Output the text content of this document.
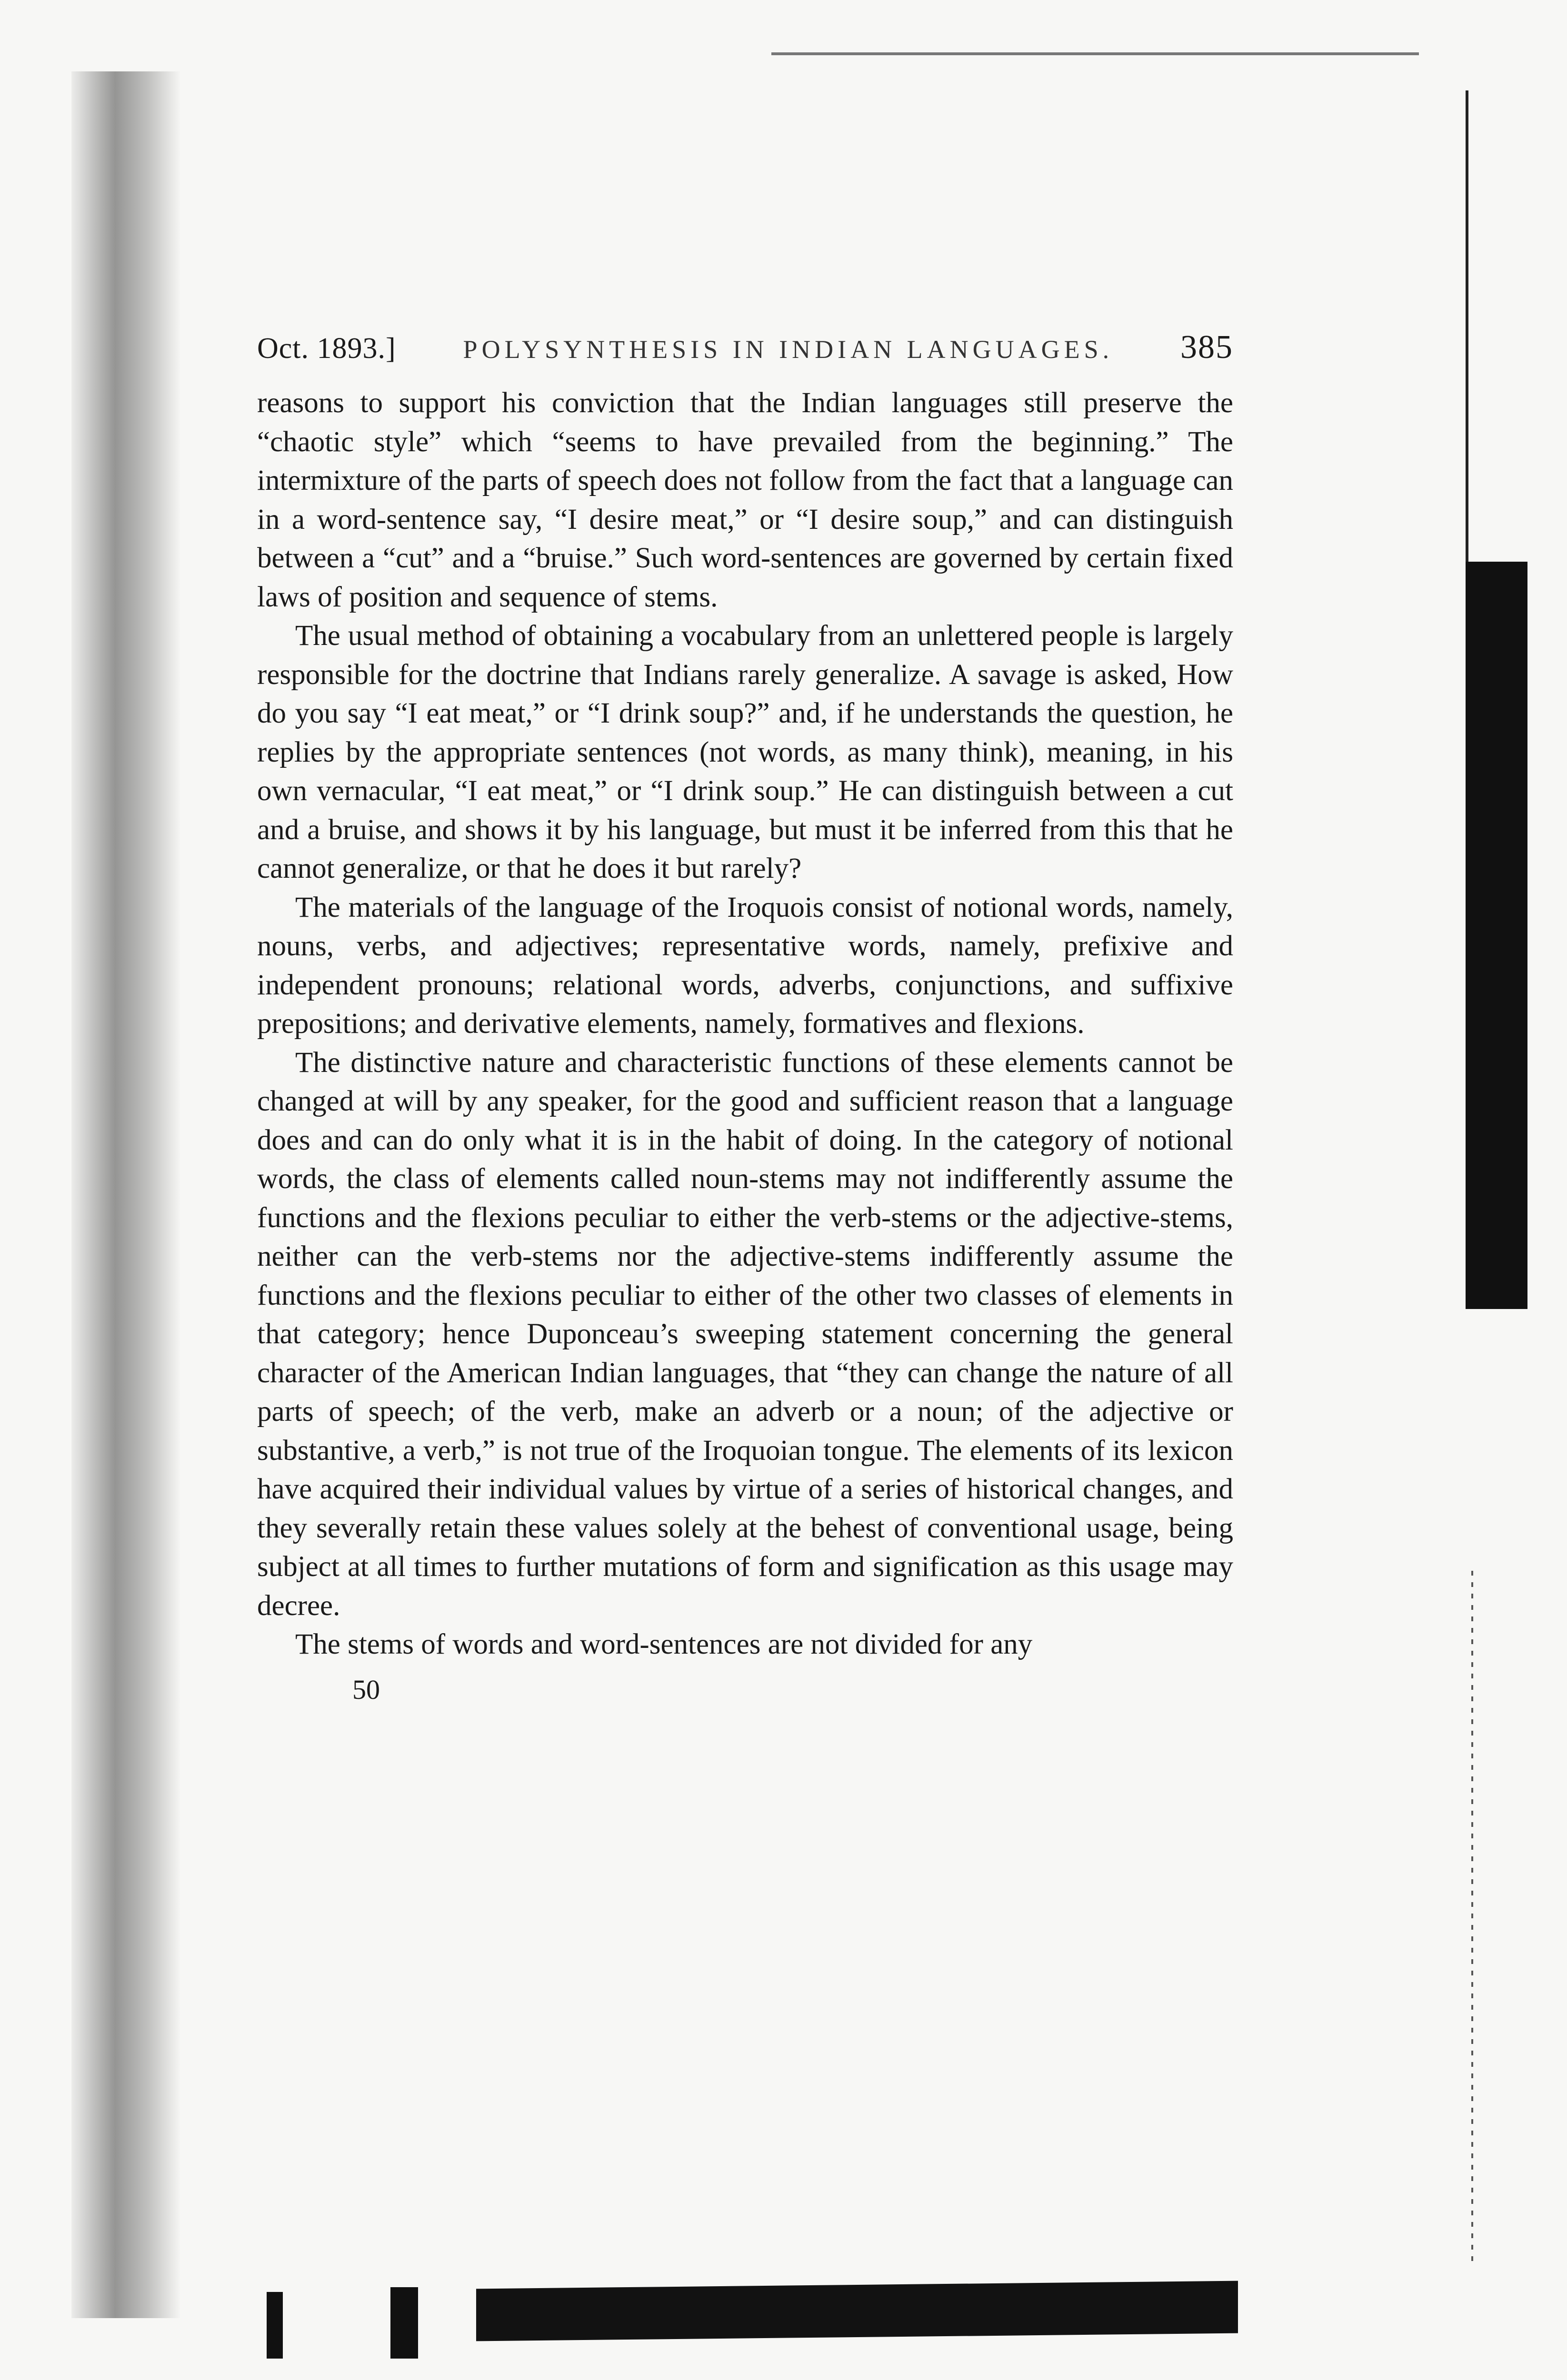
Oct. 1893.]	POLYSYNTHESIS IN INDIAN LANGUAGES. 385

reasons to support his conviction that the Indian languages still preserve the “chaotic style” which “seems to have prevailed from the beginning.” The intermixture of the parts of speech does not follow from the fact that a language can in a word-sentence say, “I desire meat,” or “I desire soup,” and can distinguish between a “cut” and a “bruise.” Such word-sentences are governed by certain fixed laws of position and sequence of stems.

The usual method of obtaining a vocabulary from an unlettered people is largely responsible for the doctrine that Indians rarely generalize. A savage is asked, How do you say “I eat meat,” or “I drink soup?” and, if he understands the question, he replies by the appropriate sentences (not words, as many think), meaning, in his own vernacular, “I eat meat,” or “I drink soup.” He can distinguish between a cut and a bruise, and shows it by his language, but must it be inferred from this that he cannot generalize, or that he does it but rarely?

The materials of the language of the Iroquois consist of notional words, namely, nouns, verbs, and adjectives; representative words, namely, prefixive and independent pronouns; relational words, adverbs, conjunctions, and suffixive prepositions; and derivative elements, namely, formatives and flexions.

The distinctive nature and characteristic functions of these elements cannot be changed at will by any speaker, for the good and sufficient reason that a language does and can do only what it is in the habit of doing. In the category of notional words, the class of elements called noun-stems may not indifferently assume the functions and the flexions peculiar to either the verb-stems or the adjective-stems, neither can the verb-stems nor the adjective-stems indifferently assume the functions and the flexions peculiar to either of the other two classes of elements in that category; hence Duponceau’s sweeping statement concerning the general character of the American Indian languages, that “they can change the nature of all parts of speech; of the verb, make an adverb or a noun; of the adjective or substantive, a verb,” is not true of the Iroquoian tongue. The elements of its lexicon have acquired their individual values by virtue of a series of historical changes, and they severally retain these values solely at the behest of conventional usage, being subject at all times to further mutations of form and signification as this usage may decree.

The stems of words and word-sentences are not divided for any

50
